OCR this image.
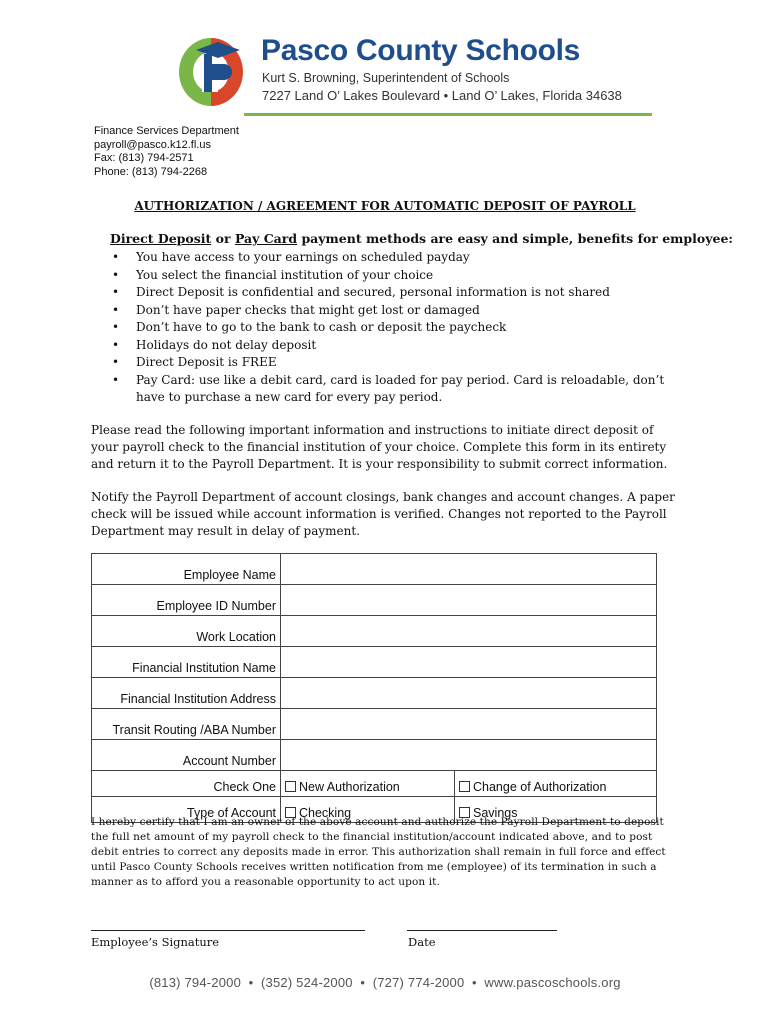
Pasco County Schools
Kurt S. Browning, Superintendent of Schools
7227 Land O’ Lakes Boulevard • Land O’ Lakes, Florida 34638
Finance Services Department
payroll@pasco.k12.fl.us
Fax: (813) 794-2571
Phone: (813) 794-2268
AUTHORIZATION / AGREEMENT FOR AUTOMATIC DEPOSIT OF PAYROLL
Direct Deposit or Pay Card payment methods are easy and simple, benefits for employee:
• You have access to your earnings on scheduled payday
• You select the financial institution of your choice
• Direct Deposit is confidential and secured, personal information is not shared
• Don’t have paper checks that might get lost or damaged
• Don’t have to go to the bank to cash or deposit the paycheck
• Holidays do not delay deposit
• Direct Deposit is FREE
• Pay Card: use like a debit card, card is loaded for pay period. Card is reloadable, don’t have to purchase a new card for every pay period.
Please read the following important information and instructions to initiate direct deposit of your payroll check to the financial institution of your choice. Complete this form in its entirety and return it to the Payroll Department. It is your responsibility to submit correct information.
Notify the Payroll Department of account closings, bank changes and account changes. A paper check will be issued while account information is verified. Changes not reported to the Payroll Department may result in delay of payment.
Employee Name		
Employee ID Number		
Work Location		
Financial Institution Name		
Financial Institution Address		
Transit Routing /ABA Number		
Account Number		
Check One	New Authorization	Change of Authorization
Type of Account	Checking	Savings
I hereby certify that I am an owner of the above account and authorize the Payroll Department to deposit the full net amount of my payroll check to the financial institution/account indicated above, and to post debit entries to correct any deposits made in error. This authorization shall remain in full force and effect until Pasco County Schools receives written notification from me (employee) of its termination in such a manner as to afford you a reasonable opportunity to act upon it.
Employee’s Signature	Date
(813) 794-2000  •  (352) 524-2000  •  (727) 774-2000  •  www.pascoschools.org
